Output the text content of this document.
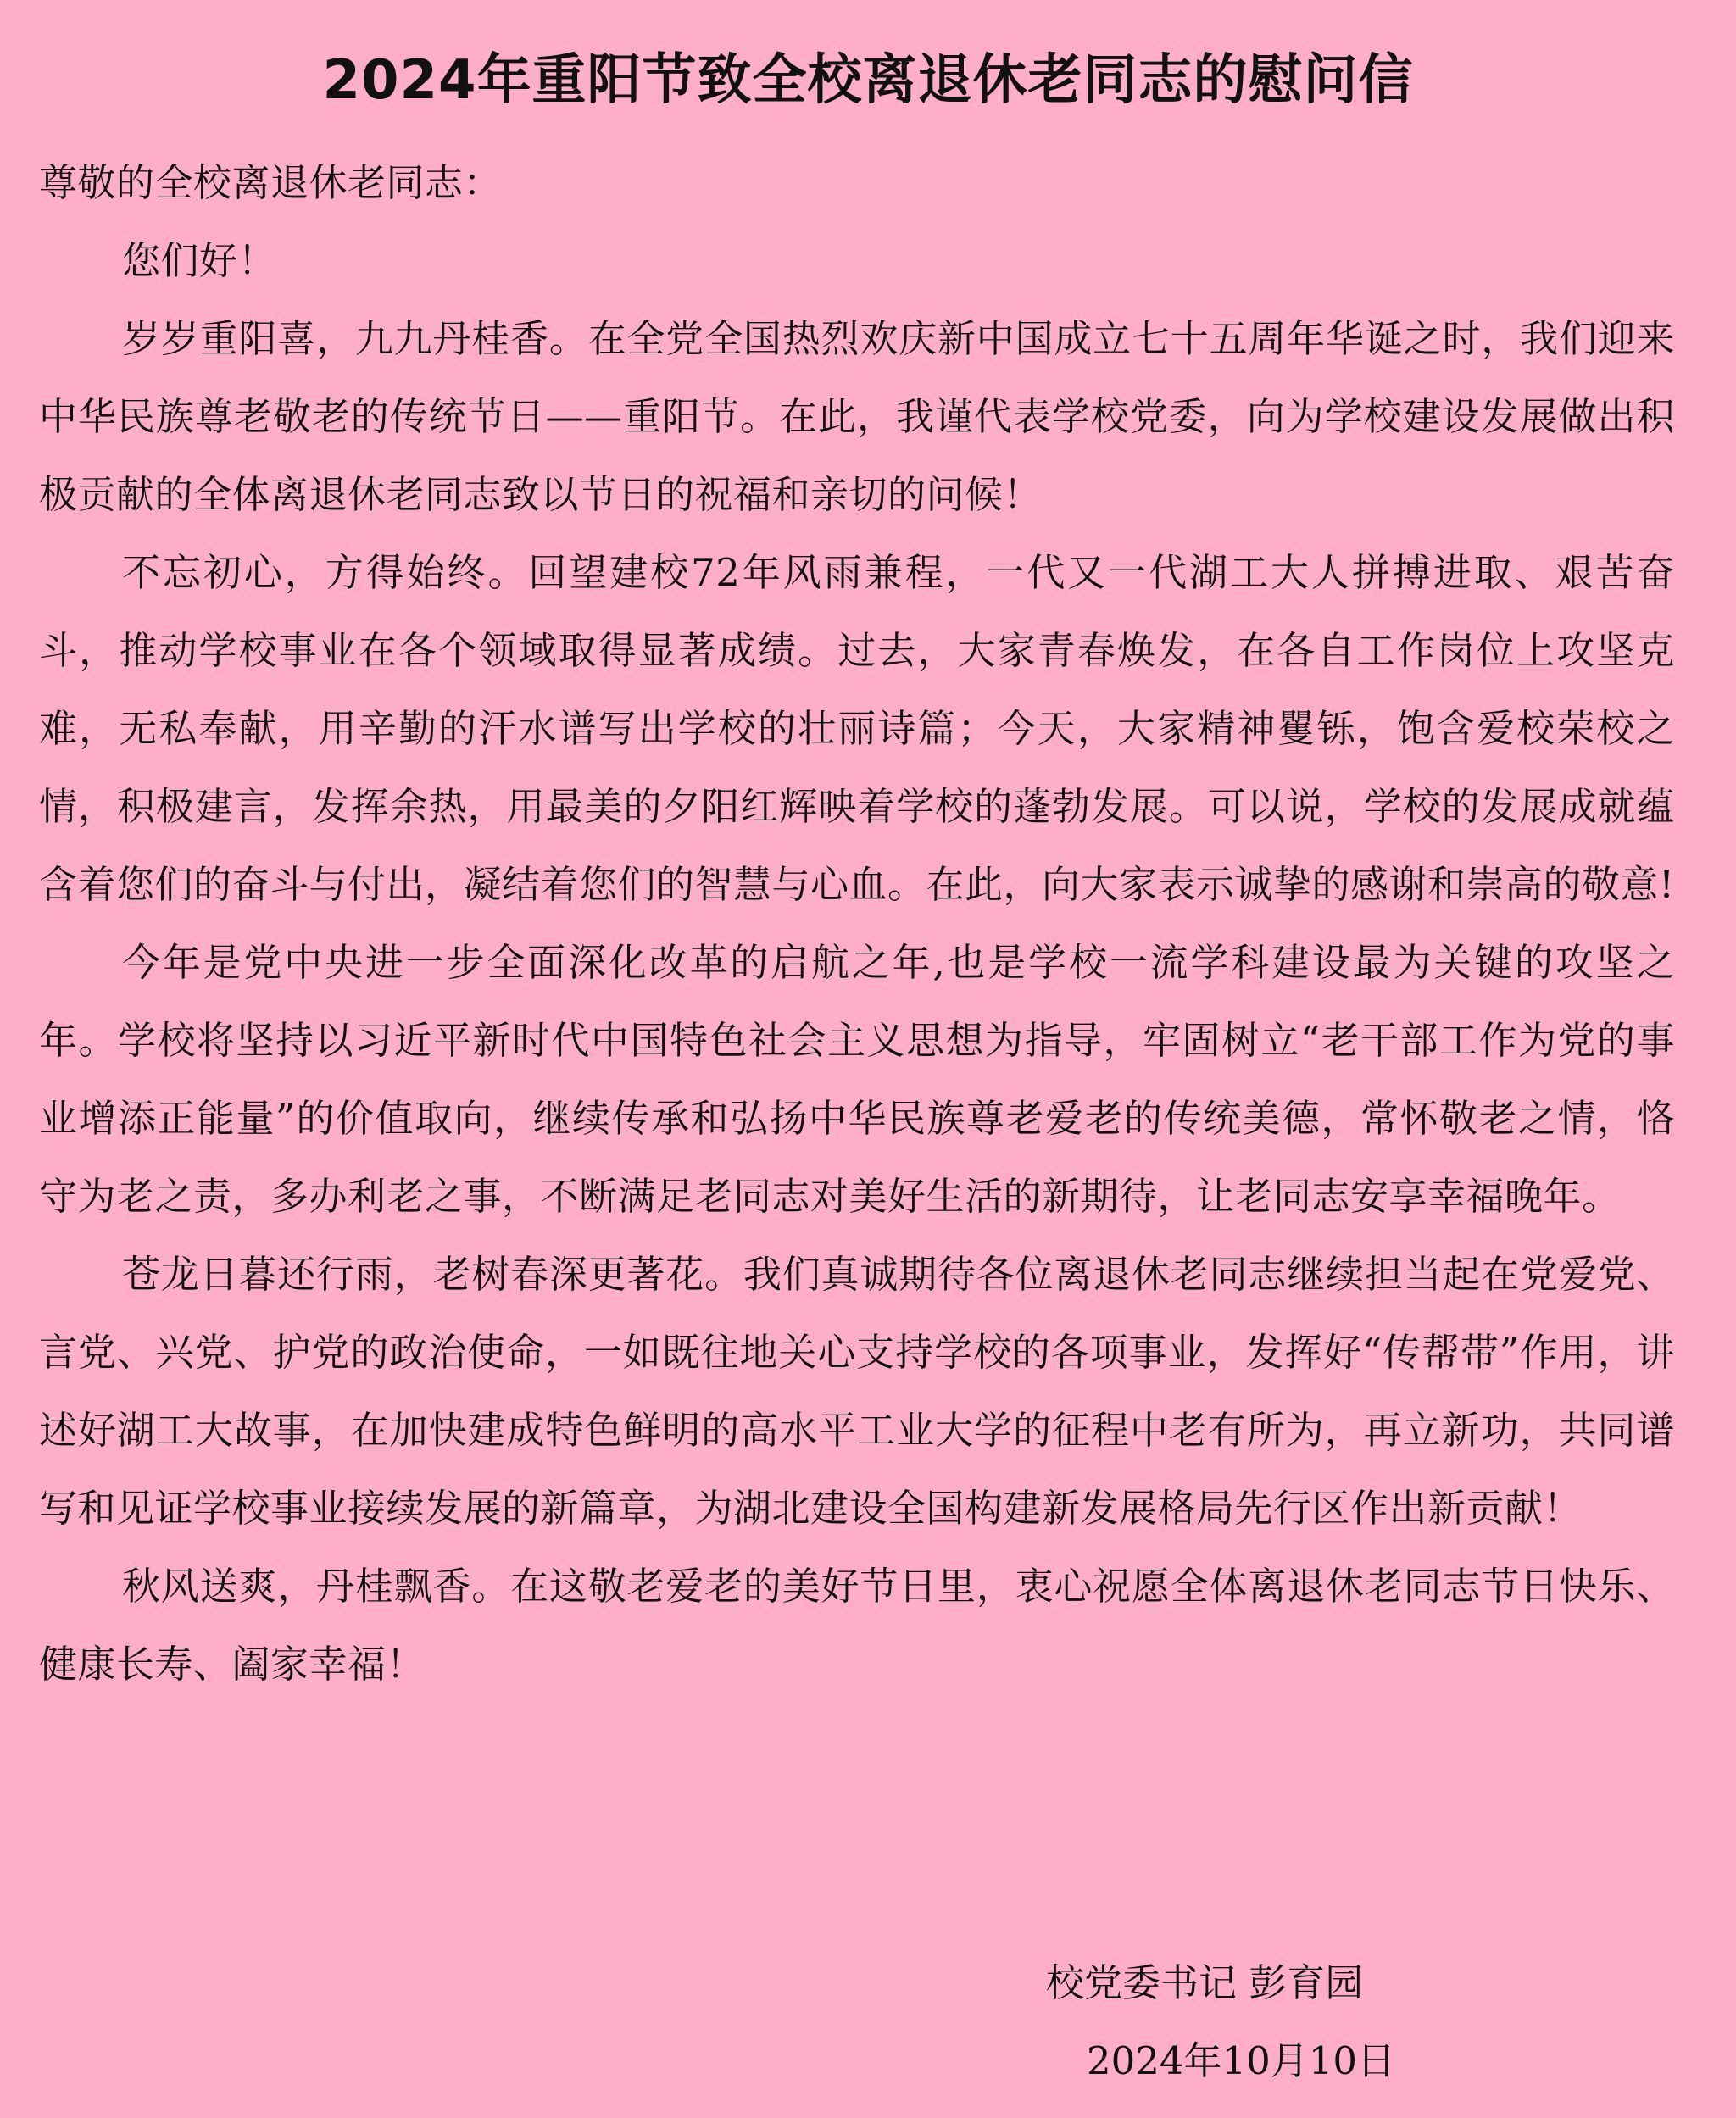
2024年重阳节致全校离退休老同志的慰问信

尊敬的全校离退休老同志：

您们好！

岁岁重阳喜，九九丹桂香。在全党全国热烈欢庆新中国成立七十五周年华诞之时，我们迎来中华民族尊老敬老的传统节日——重阳节。在此，我谨代表学校党委，向为学校建设发展做出积极贡献的全体离退休老同志致以节日的祝福和亲切的问候！

不忘初心，方得始终。回望建校72年风雨兼程，一代又一代湖工大人拼搏进取、艰苦奋斗，推动学校事业在各个领域取得显著成绩。过去，大家青春焕发，在各自工作岗位上攻坚克难，无私奉献，用辛勤的汗水谱写出学校的壮丽诗篇；今天，大家精神矍铄，饱含爱校荣校之情，积极建言，发挥余热，用最美的夕阳红辉映着学校的蓬勃发展。可以说，学校的发展成就蕴含着您们的奋斗与付出，凝结着您们的智慧与心血。在此，向大家表示诚挚的感谢和崇高的敬意!

今年是党中央进一步全面深化改革的启航之年,也是学校一流学科建设最为关键的攻坚之年。学校将坚持以习近平新时代中国特色社会主义思想为指导，牢固树立“老干部工作为党的事业增添正能量”的价值取向，继续传承和弘扬中华民族尊老爱老的传统美德，常怀敬老之情，恪守为老之责，多办利老之事，不断满足老同志对美好生活的新期待，让老同志安享幸福晚年。

苍龙日暮还行雨，老树春深更著花。我们真诚期待各位离退休老同志继续担当起在党爱党、言党、兴党、护党的政治使命，一如既往地关心支持学校的各项事业，发挥好“传帮带”作用，讲述好湖工大故事，在加快建成特色鲜明的高水平工业大学的征程中老有所为，再立新功，共同谱写和见证学校事业接续发展的新篇章，为湖北建设全国构建新发展格局先行区作出新贡献！

秋风送爽，丹桂飘香。在这敬老爱老的美好节日里，衷心祝愿全体离退休老同志节日快乐、健康长寿、阖家幸福！

校党委书记 彭育园
2024年10月10日
